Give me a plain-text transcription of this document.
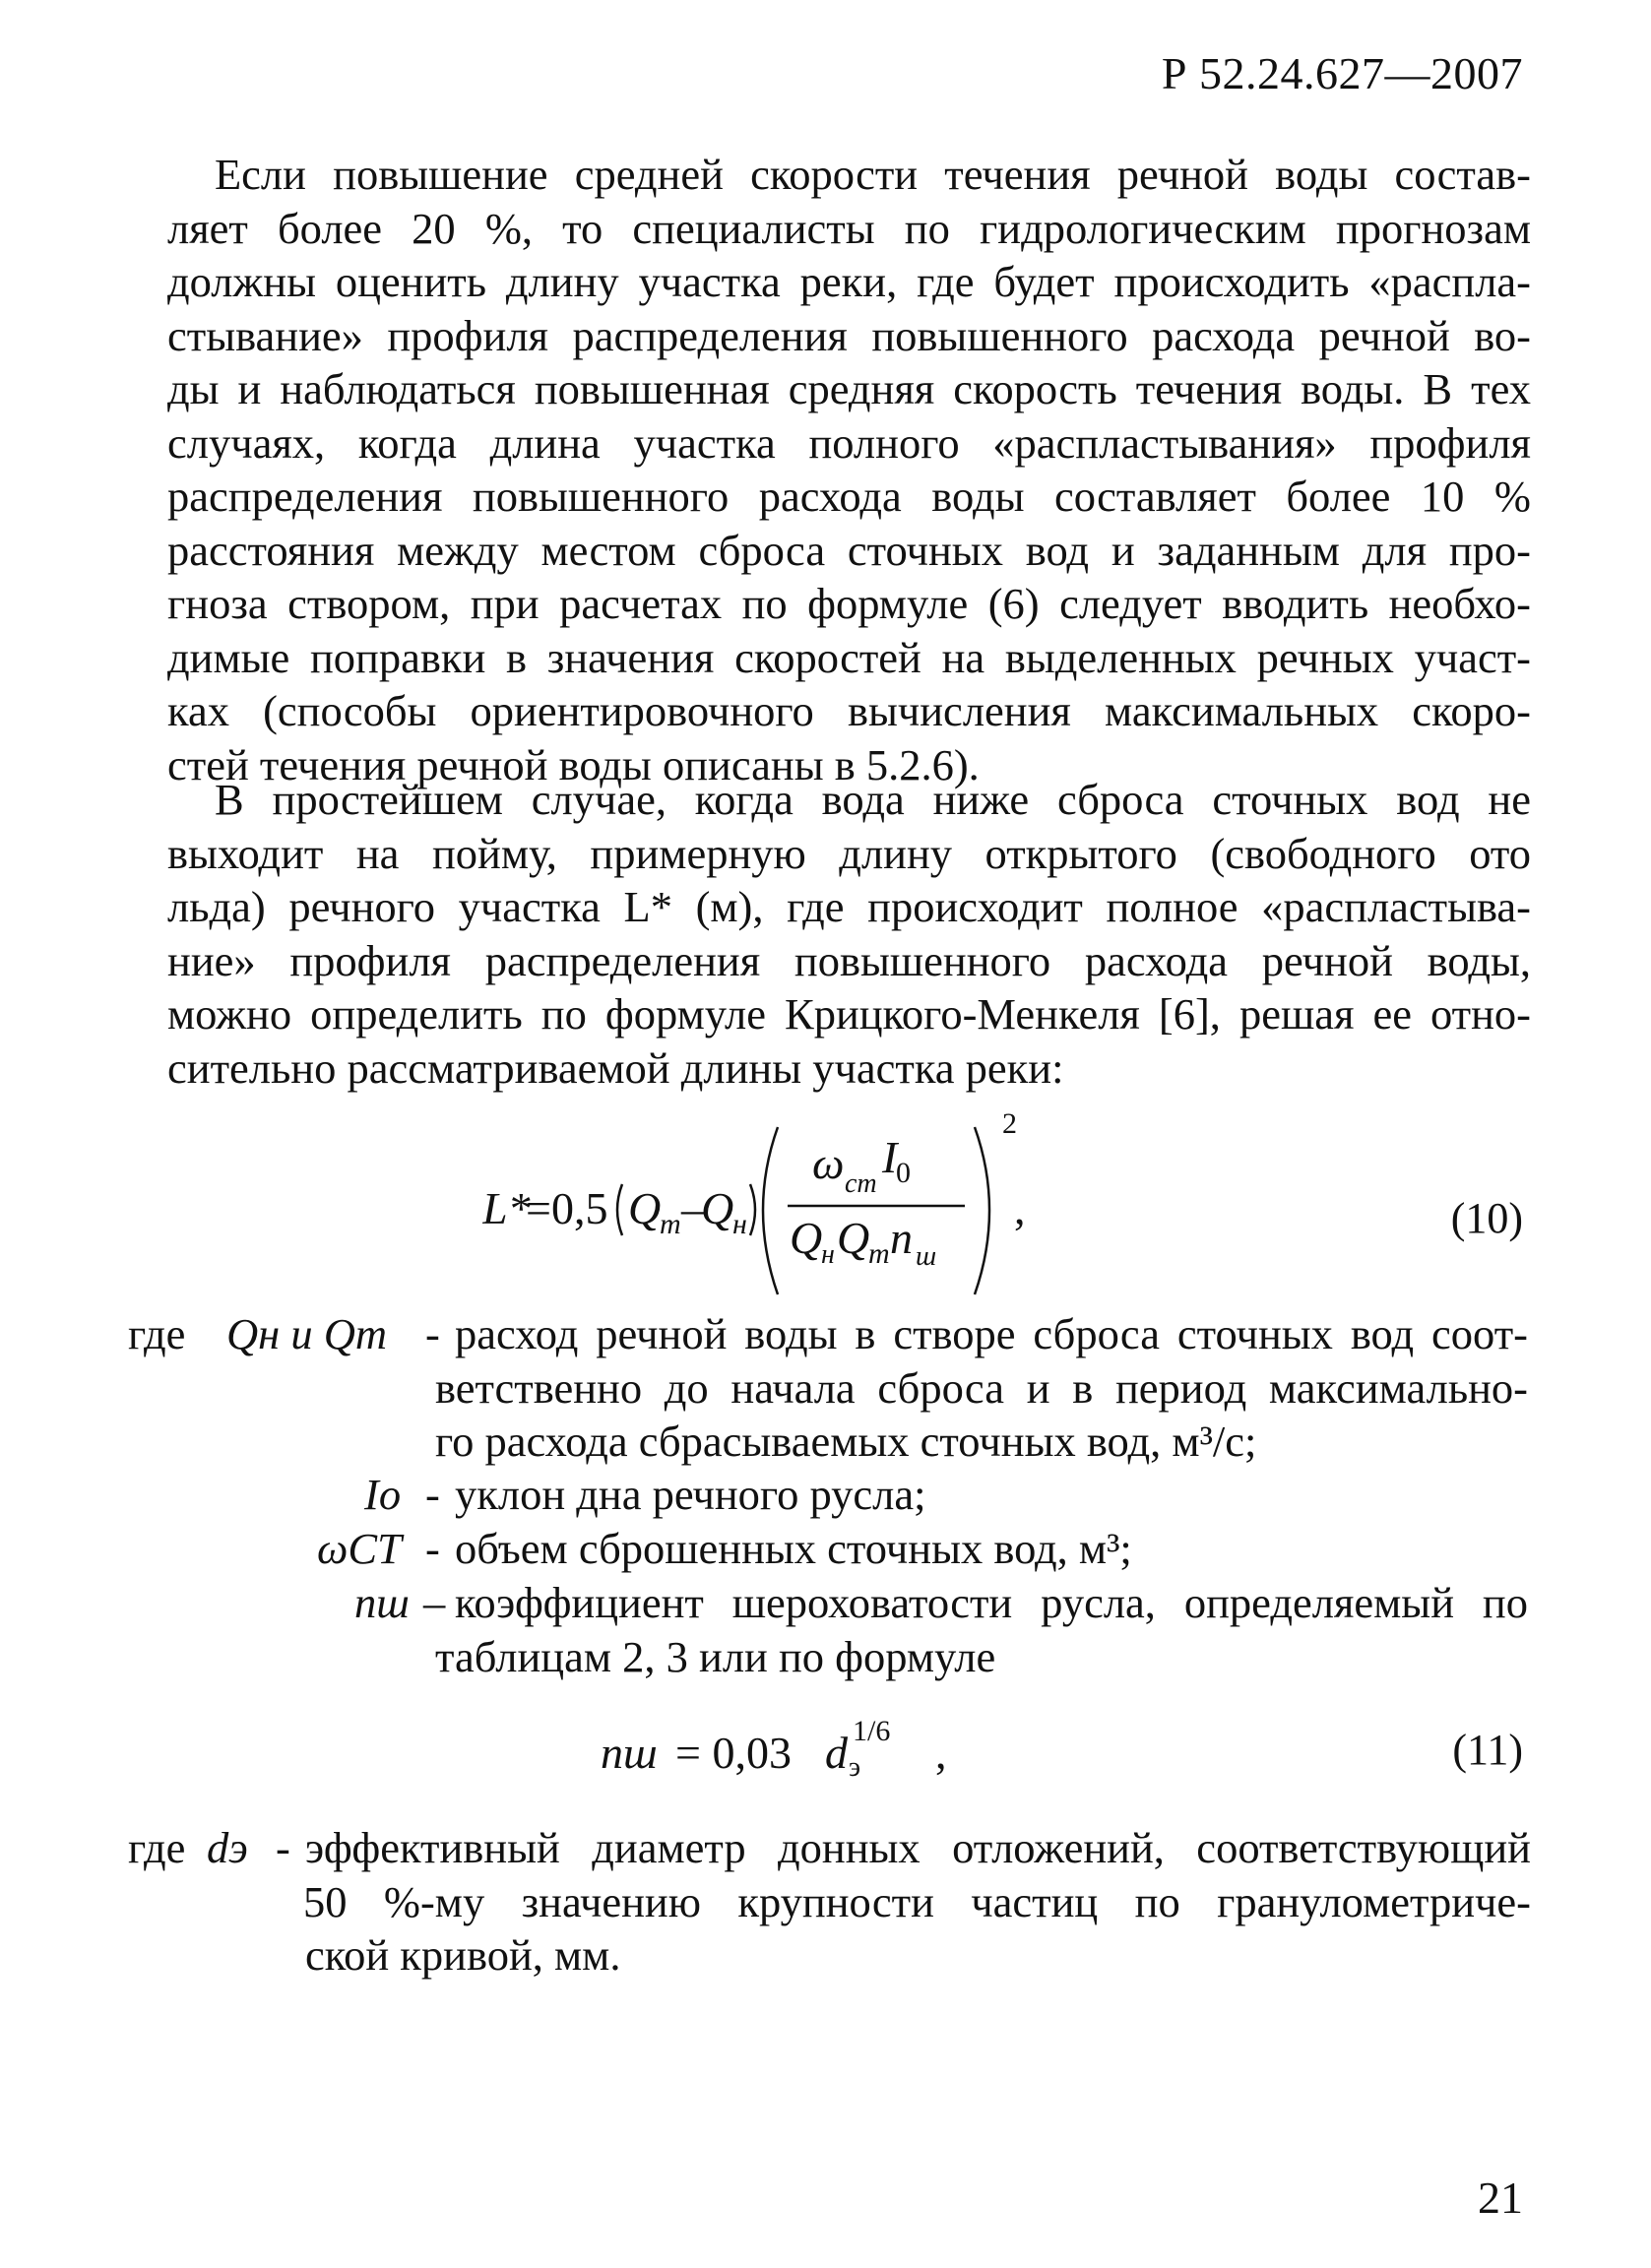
Р 52.24.627—2007
Если повышение средней скорости течения речной воды состав-
ляет более 20 %, то специалисты по гидрологическим прогнозам
должны оценить длину участка реки, где будет происходить «распла-
стывание» профиля распределения повышенного расхода речной во-
ды и наблюдаться повышенная средняя скорость течения воды. В тех
случаях, когда длина участка полного «распластывания» профиля
распределения повышенного расхода воды составляет более 10 %
расстояния между местом сброса сточных вод и заданным для про-
гноза створом, при расчетах по формуле (6) следует вводить необхо-
димые поправки в значения скоростей на выделенных речных участ-
ках (способы ориентировочного вычисления максимальных скоро-
стей течения речной воды описаны в 5.2.6).
В простейшем случае, когда вода ниже сброса сточных вод не
выходит на пойму, примерную длину открытого (свободного ото
льда) речного участка L* (м), где происходит полное «распластыва-
ние» профиля распределения повышенного расхода речной воды,
можно определить по формуле Крицкого-Менкеля [6], решая ее отно-
сительно рассматриваемой длины участка реки:
L*
=0,5 Q
m –
Q
н
ω ст
I
0
Q
н Q
m n ш
2
,	(10)
где Qн и Qm - расход речной воды в створе сброса сточных вод соот-
ветственно до начала сброса и в период максимально-
го расхода сбрасываемых сточных вод, м³/с;
Io - уклон дна речного русла;
ωCT - объем сброшенных сточных вод, м³;
nш – коэффициент шероховатости русла, определяемый по
таблицам 2, 3 или по формуле
nш = 0,03 d э
1/6 ,	(11)
где dэ - эффективный диаметр донных отложений, соответствующий
50 %-му значению крупности частиц по гранулометриче-
ской кривой, мм.
21
